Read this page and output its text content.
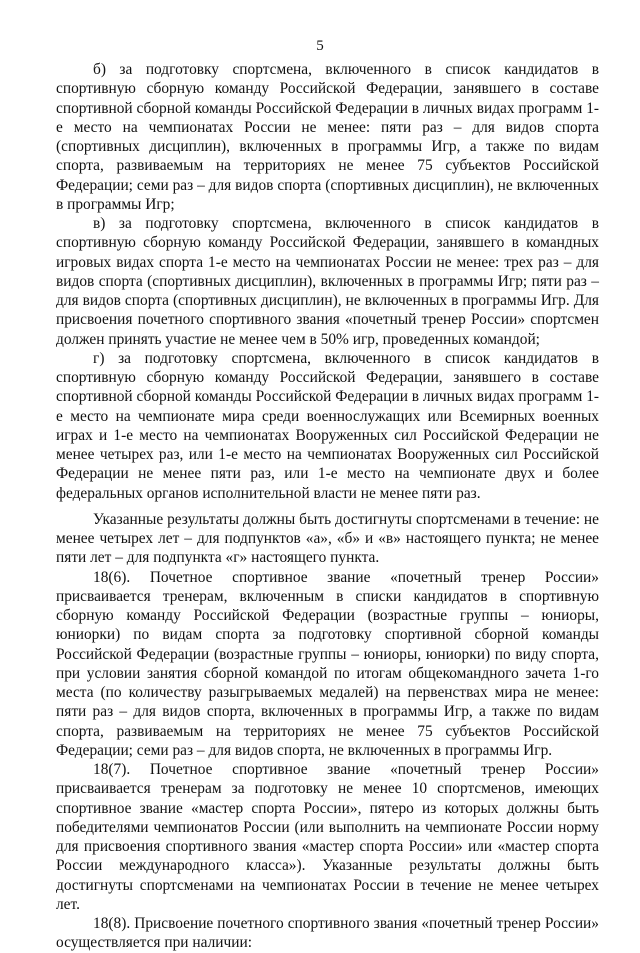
5

б) за подготовку спортсмена, включенного в список кандидатов в спортивную сборную команду Российской Федерации, занявшего в составе спортивной сборной команды Российской Федерации в личных видах программ 1-е место на чемпионатах России не менее: пяти раз – для видов спорта (спортивных дисциплин), включенных в программы Игр, а также по видам спорта, развиваемым на территориях не менее 75 субъектов Российской Федерации; семи раз – для видов спорта (спортивных дисциплин), не включенных в программы Игр;

в) за подготовку спортсмена, включенного в список кандидатов в спортивную сборную команду Российской Федерации, занявшего в командных игровых видах спорта 1-е место на чемпионатах России не менее: трех раз – для видов спорта (спортивных дисциплин), включенных в программы Игр; пяти раз – для видов спорта (спортивных дисциплин), не включенных в программы Игр. Для присвоения почетного спортивного звания «почетный тренер России» спортсмен должен принять участие не менее чем в 50% игр, проведенных командой;

г) за подготовку спортсмена, включенного в список кандидатов в спортивную сборную команду Российской Федерации, занявшего в составе спортивной сборной команды Российской Федерации в личных видах программ 1-е место на чемпионате мира среди военнослужащих или Всемирных военных играх и 1-е место на чемпионатах Вооруженных сил Российской Федерации не менее четырех раз, или 1-е место на чемпионатах Вооруженных сил Российской Федерации не менее пяти раз, или 1-е место на чемпионате двух и более федеральных органов исполнительной власти не менее пяти раз.

Указанные результаты должны быть достигнуты спортсменами в течение: не менее четырех лет – для подпунктов «а», «б» и «в» настоящего пункта; не менее пяти лет – для подпункта «г» настоящего пункта.

18(6). Почетное спортивное звание «почетный тренер России» присваивается тренерам, включенным в списки кандидатов в спортивную сборную команду Российской Федерации (возрастные группы – юниоры, юниорки) по видам спорта за подготовку спортивной сборной команды Российской Федерации (возрастные группы – юниоры, юниорки) по виду спорта, при условии занятия сборной командой по итогам общекомандного зачета 1-го места (по количеству разыгрываемых медалей) на первенствах мира не менее: пяти раз – для видов спорта, включенных в программы Игр, а также по видам спорта, развиваемым на территориях не менее 75 субъектов Российской Федерации; семи раз – для видов спорта, не включенных в программы Игр.

18(7). Почетное спортивное звание «почетный тренер России» присваивается тренерам за подготовку не менее 10 спортсменов, имеющих спортивное звание «мастер спорта России», пятеро из которых должны быть победителями чемпионатов России (или выполнить на чемпионате России норму для присвоения спортивного звания «мастер спорта России» или «мастер спорта России международного класса»). Указанные результаты должны быть достигнуты спортсменами на чемпионатах России в течение не менее четырех лет.

18(8). Присвоение почетного спортивного звания «почетный тренер России» осуществляется при наличии:
